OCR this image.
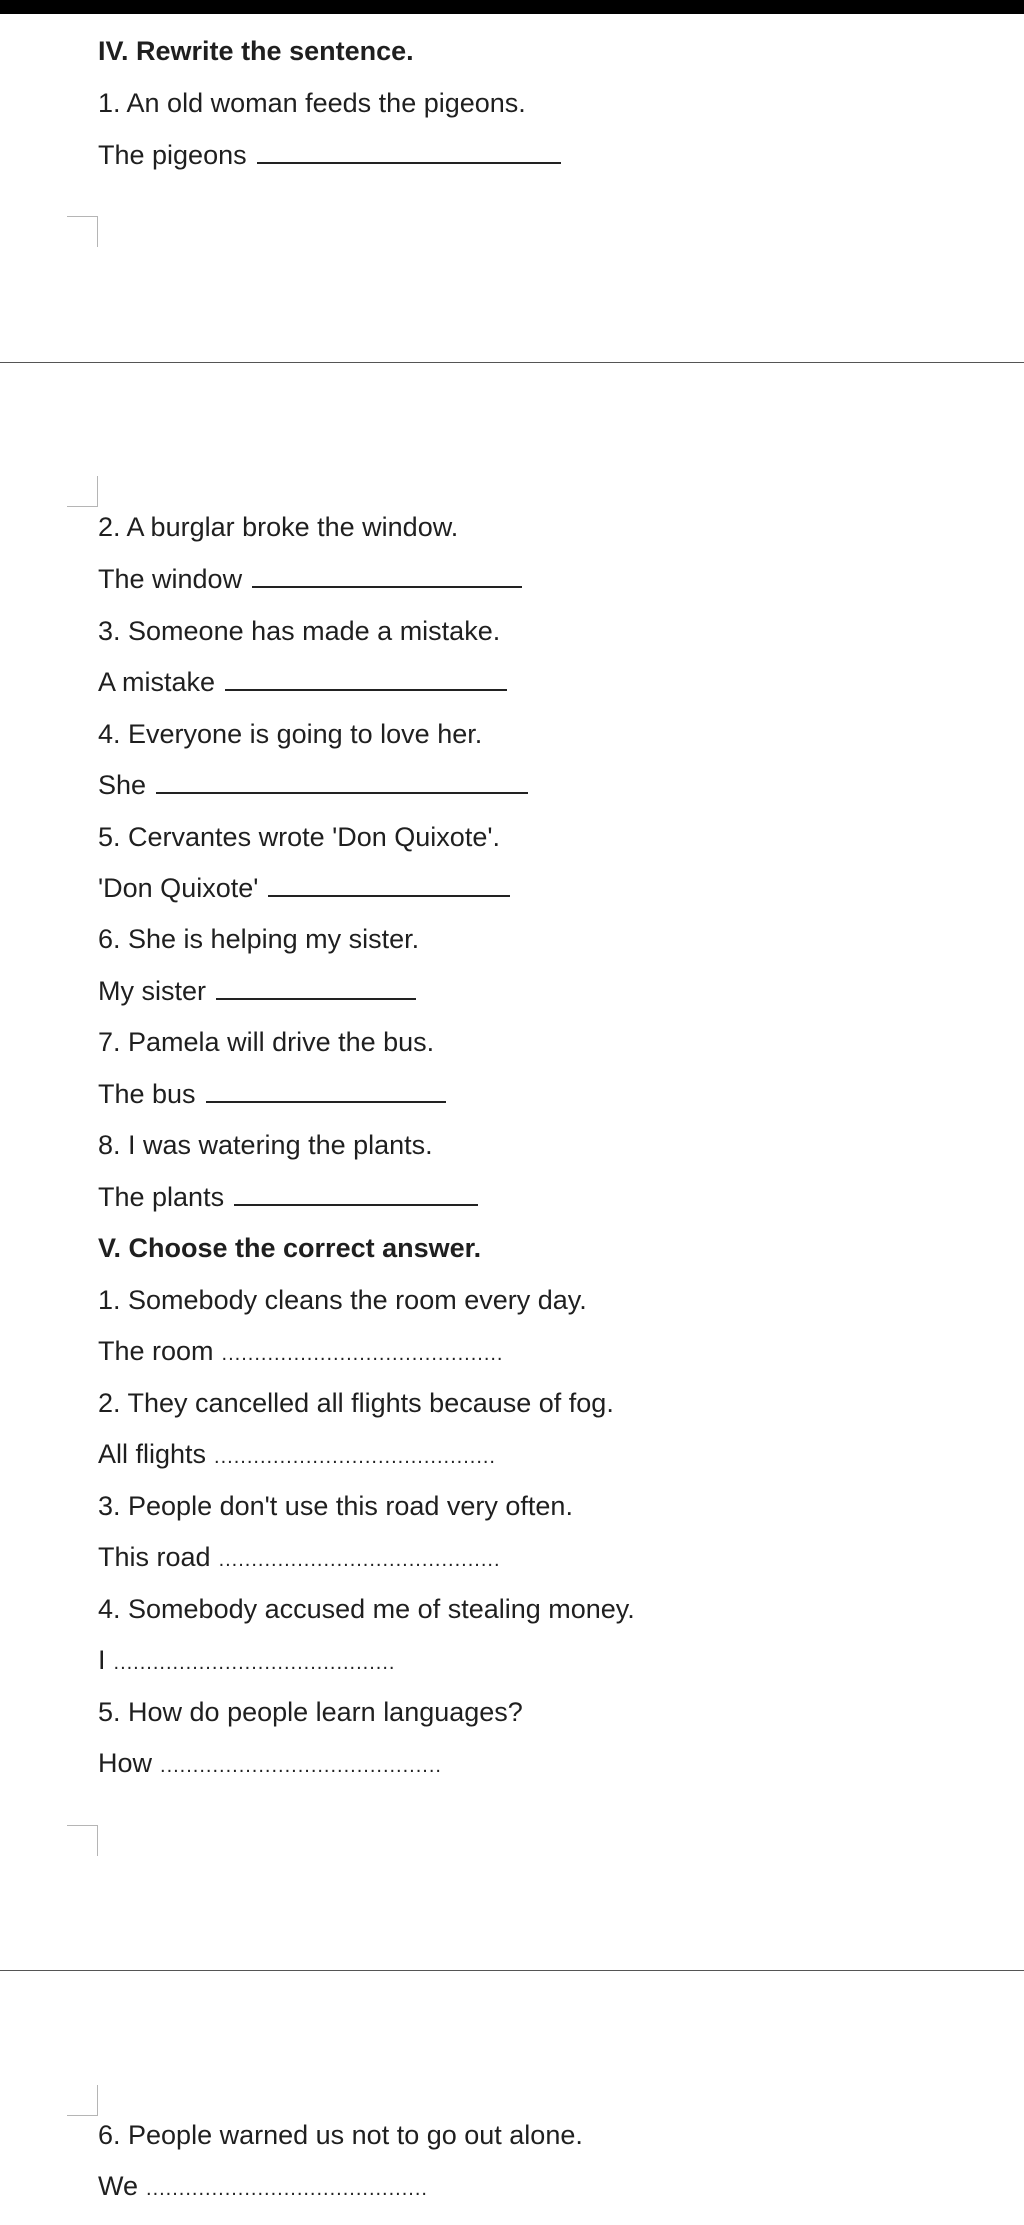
IV. Rewrite the sentence.
1. An old woman feeds the pigeons.
The pigeons
2. A burglar broke the window.
The window
3. Someone has made a mistake.
A mistake
4. Everyone is going to love her.
She
5. Cervantes wrote 'Don Quixote'.
'Don Quixote'
6. She is helping my sister.
My sister
7. Pamela will drive the bus.
The bus
8. I was watering the plants.
The plants
V. Choose the correct answer.
1. Somebody cleans the room every day.
The room ...........................................
2. They cancelled all flights because of fog.
All flights ...........................................
3. People don't use this road very often.
This road ...........................................
4. Somebody accused me of stealing money.
I ...........................................
5. How do people learn languages?
How ...........................................
6. People warned us not to go out alone.
We ...........................................
